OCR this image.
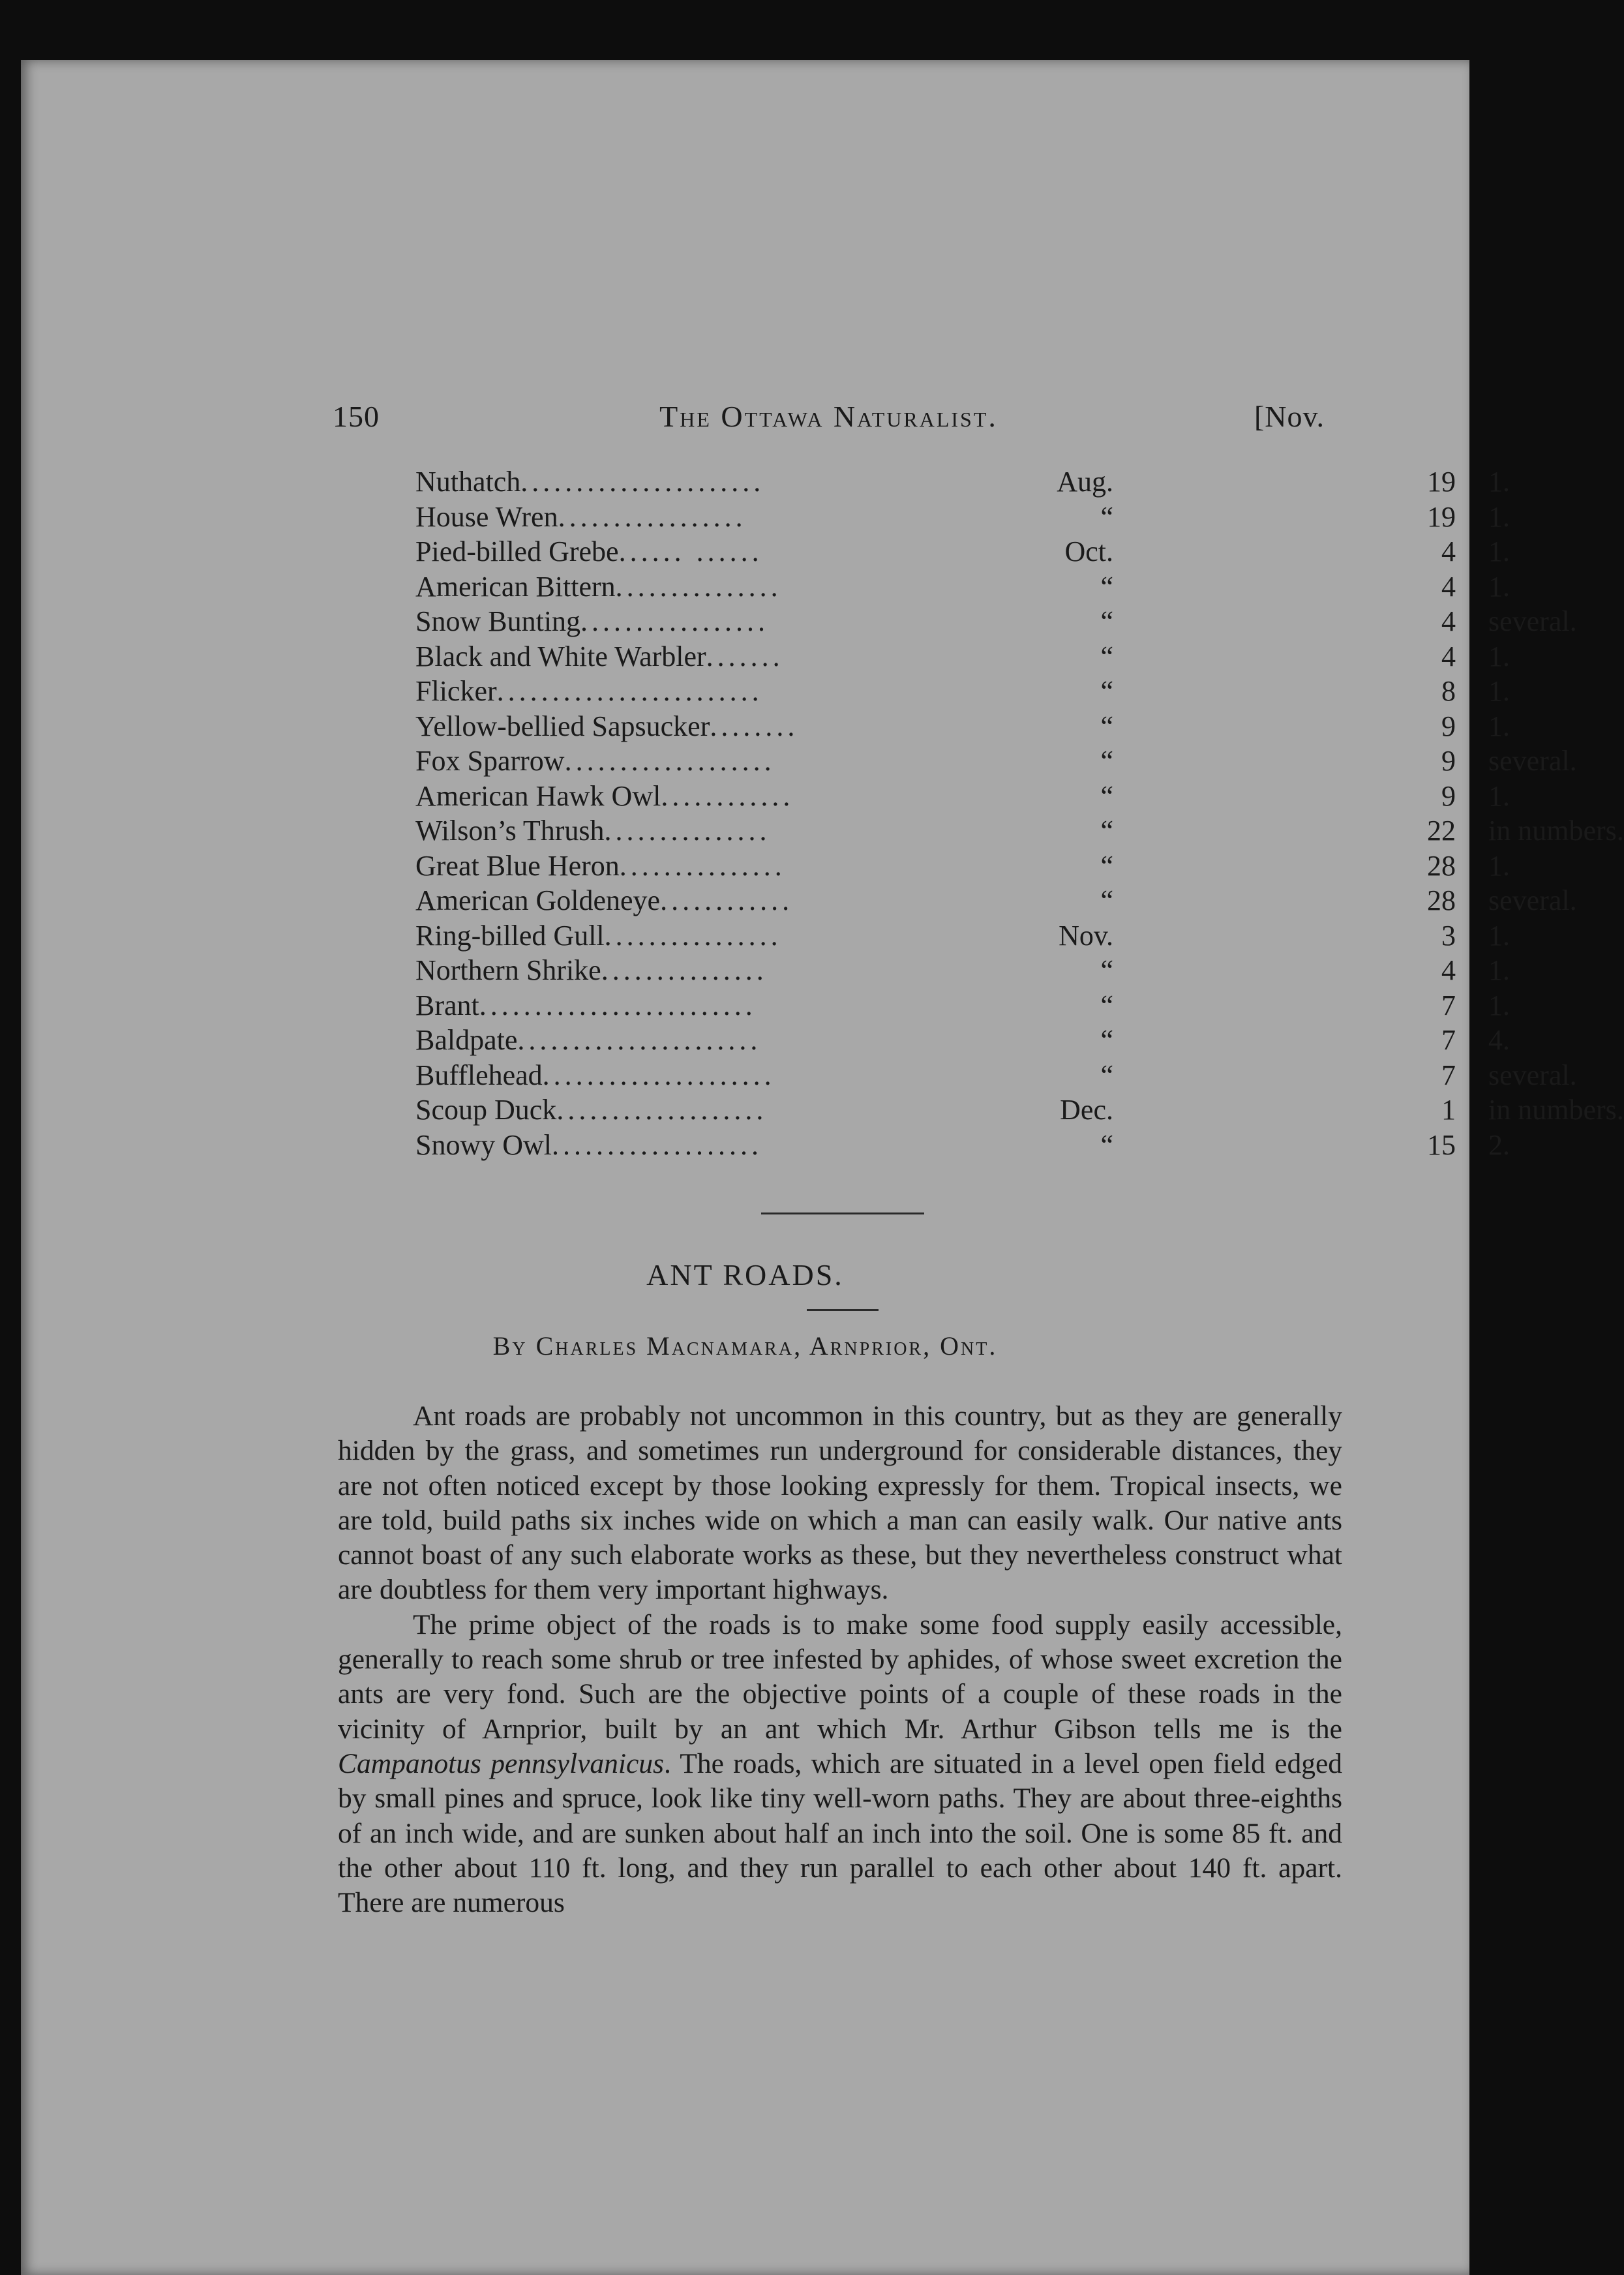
150	The Ottawa Naturalist.	[Nov.
Nuthatch......................	Aug.	19 1.
House Wren.................	“	19 1.
Pied-billed Grebe...... ......	Oct.	4 1.
American Bittern...............	“	4 1.
Snow Bunting.................	“	4 several.
Black and White Warbler.......	“	4 1.
Flicker........................	“	8 1.
Yellow-bellied Sapsucker........	“	9 1.
Fox Sparrow...................	“	9 several.
American Hawk Owl............	“	9 1.
Wilson’s Thrush...............	“	22 in numbers.
Great Blue Heron...............	“	28 1.
American Goldeneye............	“	28 several.
Ring-billed Gull................	Nov.	3 1.
Northern Shrike...............	“	4 1.
Brant.........................	“	7 1.
Baldpate......................	“	7 4.
Bufflehead.....................	“	7 several.
Scoup Duck...................	Dec.	1 in numbers.
Snowy Owl...................	“	15 2.
ANT ROADS.
By Charles Macnamara, Arnprior, Ont.

Ant roads are probably not uncommon in this country, but as they are generally hidden by the grass, and sometimes run underground for considerable distances, they are not often noticed except by those looking expressly for them. Tropical insects, we are told, build paths six inches wide on which a man can easily walk. Our native ants cannot boast of any such elaborate works as these, but they nevertheless construct what are doubtless for them very important highways.

The prime object of the roads is to make some food supply easily accessible, generally to reach some shrub or tree infested by aphides, of whose sweet excretion the ants are very fond. Such are the objective points of a couple of these roads in the vicinity of Arnprior, built by an ant which Mr. Arthur Gibson tells me is the Campanotus pennsylvanicus. The roads, which are situated in a level open field edged by small pines and spruce, look like tiny well-worn paths. They are about three-eighths of an inch wide, and are sunken about half an inch into the soil. One is some 85 ft. and the other about 110 ft. long, and they run parallel to each other about 140 ft. apart. There are numerous
